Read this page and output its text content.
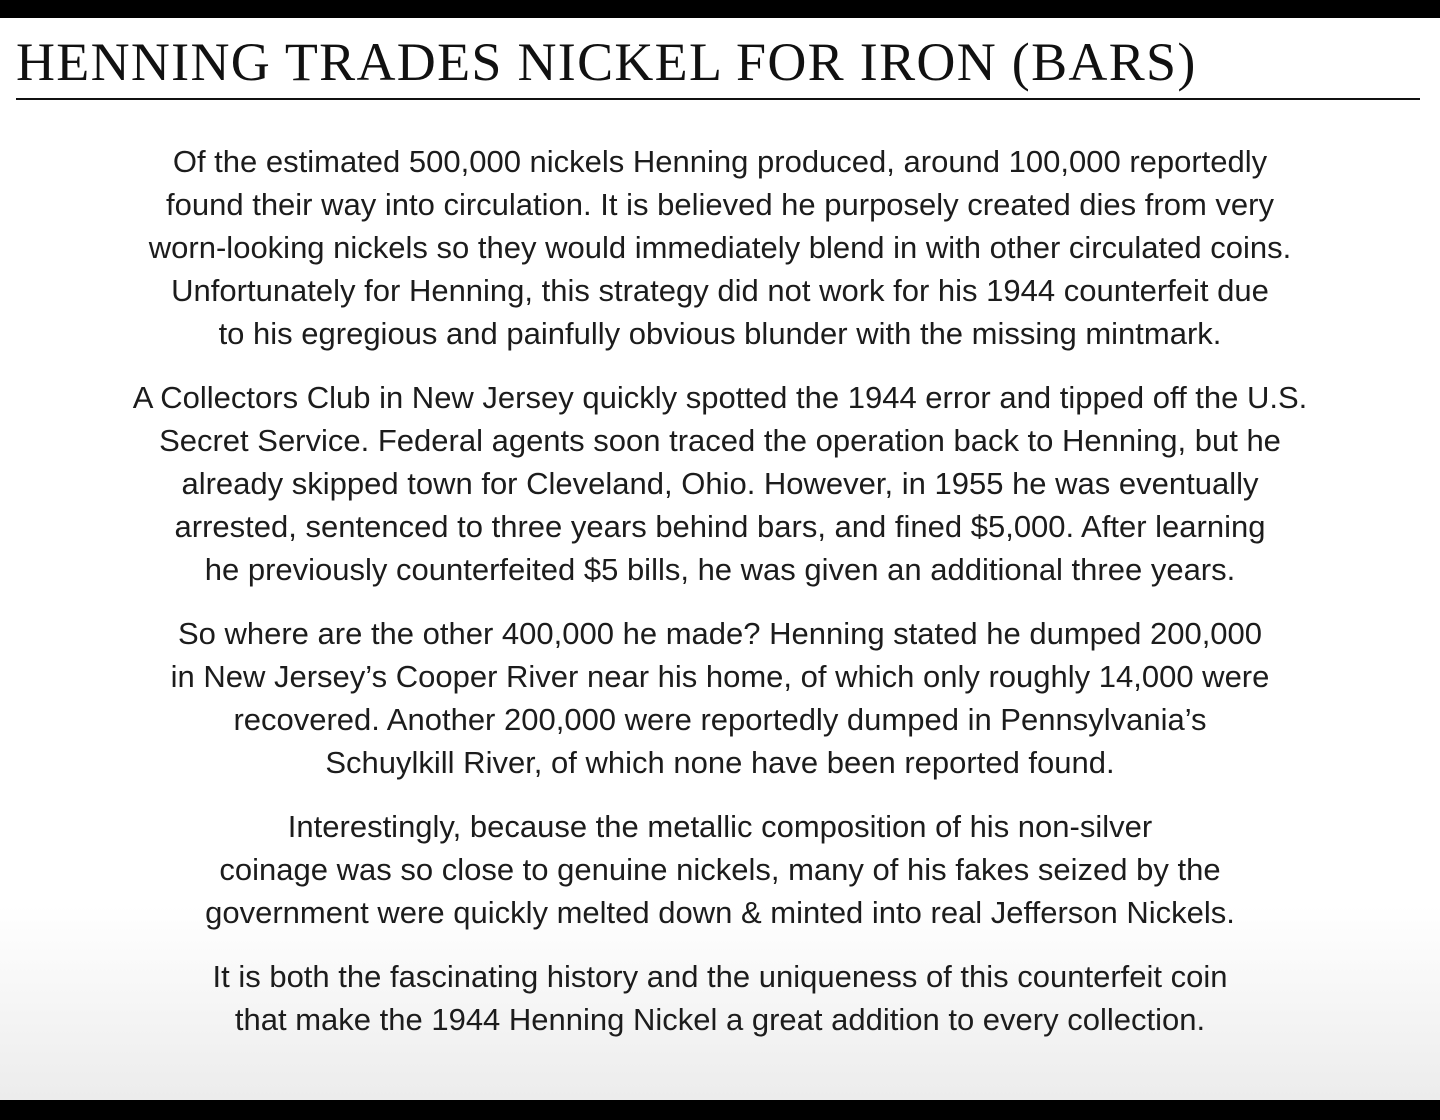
HENNING TRADES NICKEL FOR IRON (BARS)

Of the estimated 500,000 nickels Henning produced, around 100,000 reportedly
found their way into circulation. It is believed he purposely created dies from very
worn-looking nickels so they would immediately blend in with other circulated coins.
Unfortunately for Henning, this strategy did not work for his 1944 counterfeit due
to his egregious and painfully obvious blunder with the missing mintmark.

A Collectors Club in New Jersey quickly spotted the 1944 error and tipped off the U.S.
Secret Service. Federal agents soon traced the operation back to Henning, but he
already skipped town for Cleveland, Ohio. However, in 1955 he was eventually
arrested, sentenced to three years behind bars, and fined $5,000. After learning
he previously counterfeited $5 bills, he was given an additional three years.

So where are the other 400,000 he made? Henning stated he dumped 200,000
in New Jersey’s Cooper River near his home, of which only roughly 14,000 were
recovered. Another 200,000 were reportedly dumped in Pennsylvania’s
Schuylkill River, of which none have been reported found.

Interestingly, because the metallic composition of his non-silver
coinage was so close to genuine nickels, many of his fakes seized by the
government were quickly melted down & minted into real Jefferson Nickels.

It is both the fascinating history and the uniqueness of this counterfeit coin
that make the 1944 Henning Nickel a great addition to every collection.
